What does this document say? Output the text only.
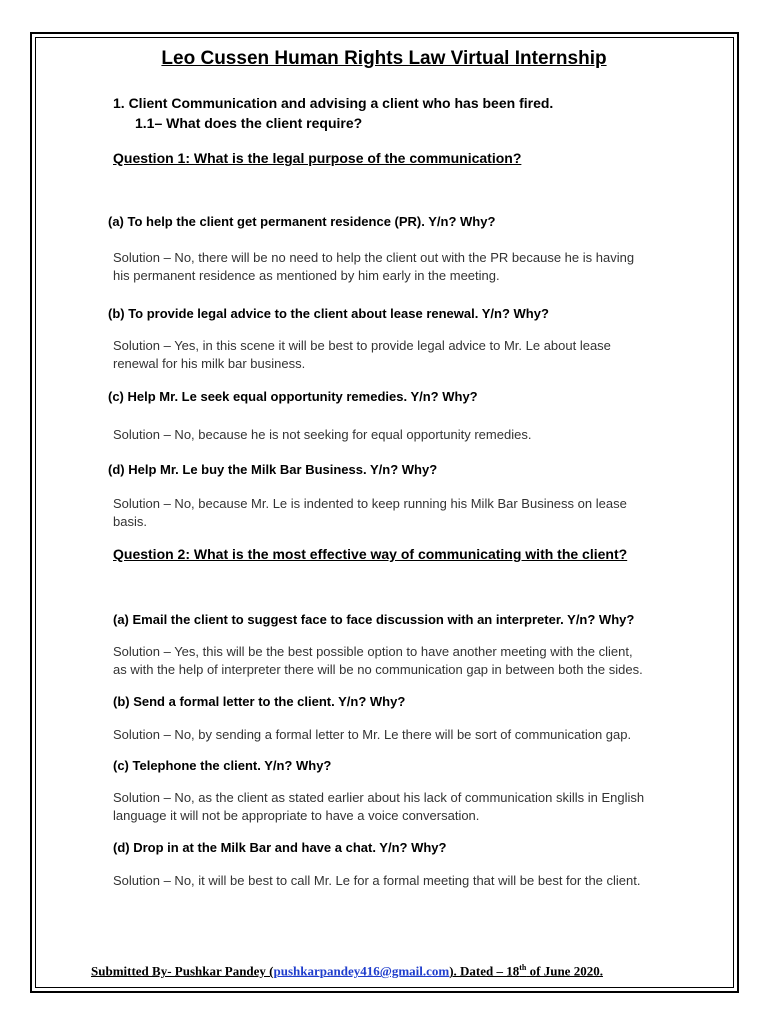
Leo Cussen Human Rights Law Virtual Internship
1. Client Communication and advising a client who has been fired.
1.1– What does the client require?
Question 1: What is the legal purpose of the communication?
(a) To help the client get permanent residence (PR). Y/n? Why?
Solution – No, there will be no need to help the client out with the PR because he is having
his permanent residence as mentioned by him early in the meeting.
(b) To provide legal advice to the client about lease renewal. Y/n? Why?
Solution – Yes, in this scene it will be best to provide legal advice to Mr. Le about lease
renewal for his milk bar business.
(c) Help Mr. Le seek equal opportunity remedies. Y/n? Why?
Solution – No, because he is not seeking for equal opportunity remedies.
(d) Help Mr. Le buy the Milk Bar Business. Y/n? Why?
Solution – No, because Mr. Le is indented to keep running his Milk Bar Business on lease
basis.
Question 2: What is the most effective way of communicating with the client?
(a) Email the client to suggest face to face discussion with an interpreter. Y/n? Why?
Solution – Yes, this will be the best possible option to have another meeting with the client,
as with the help of interpreter there will be no communication gap in between both the sides.
(b) Send a formal letter to the client. Y/n? Why?
Solution – No, by sending a formal letter to Mr. Le there will be sort of communication gap.
(c) Telephone the client. Y/n? Why?
Solution – No, as the client as stated earlier about his lack of communication skills in English
language it will not be appropriate to have a voice conversation.
(d) Drop in at the Milk Bar and have a chat. Y/n? Why?
Solution – No, it will be best to call Mr. Le for a formal meeting that will be best for the client.
Submitted By- Pushkar Pandey (pushkarpandey416@gmail.com). Dated – 18th of June 2020.
